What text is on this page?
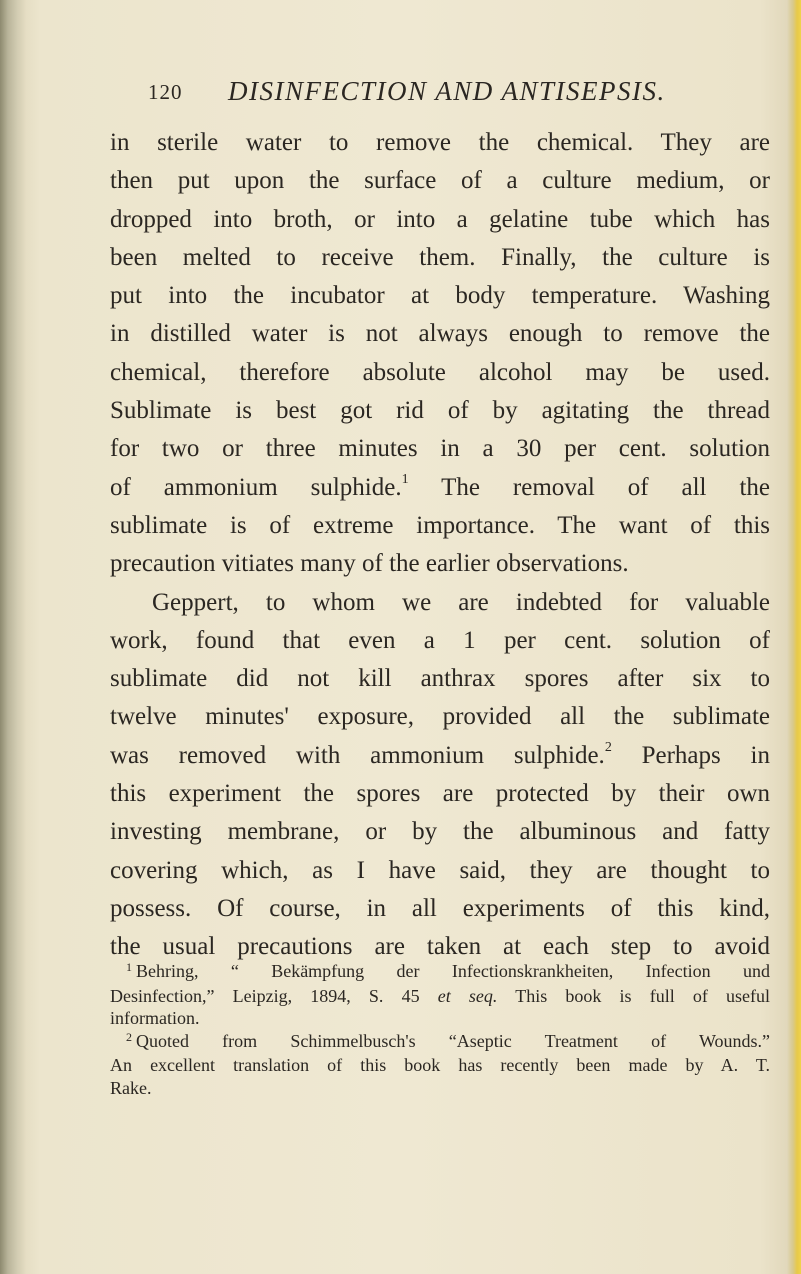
120 DISINFECTION AND ANTISEPSIS.
in sterile water to remove the chemical. They are
then put upon the surface of a culture medium, or
dropped into broth, or into a gelatine tube which has
been melted to receive them. Finally, the culture is
put into the incubator at body temperature. Washing
in distilled water is not always enough to remove the
chemical, therefore absolute alcohol may be used.
Sublimate is best got rid of by agitating the thread
for two or three minutes in a 30 per cent. solution
of ammonium sulphide.$^1$ The removal of all the
sublimate is of extreme importance. The want of this
precaution vitiates many of the earlier observations.
Geppert, to whom we are indebted for valuable
work, found that even a 1 per cent. solution of
sublimate did not kill anthrax spores after six to
twelve minutes' exposure, provided all the sublimate
was removed with ammonium sulphide.$^2$ Perhaps in
this experiment the spores are protected by their own
investing membrane, or by the albuminous and fatty
covering which, as I have said, they are thought to
possess. Of course, in all experiments of this kind,
the usual precautions are taken at each step to avoid
$^1$ Behring, “ Bekämpfung der Infectionskrankheiten, Infection und
Desinfection,” Leipzig, 1894, S. 45 et seq. This book is full of useful
information.
$^2$ Quoted from Schimmelbusch's “Aseptic Treatment of Wounds.”
An excellent translation of this book has recently been made by A. T.
Rake.
